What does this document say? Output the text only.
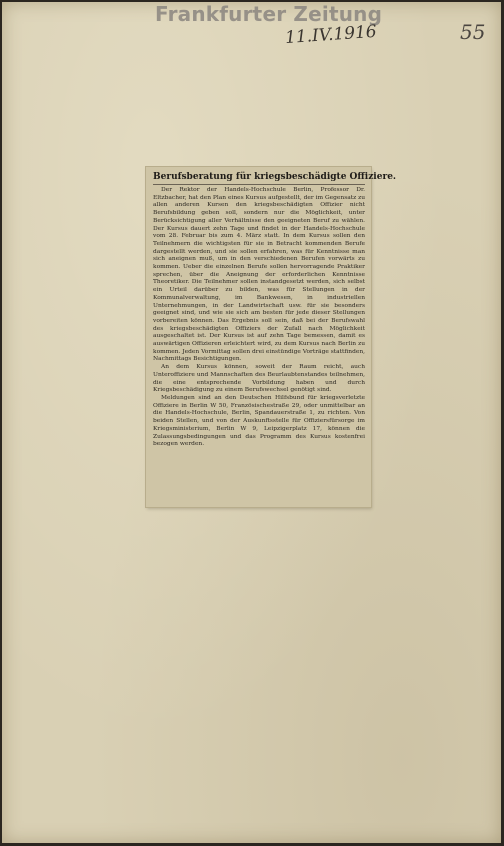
Frankfurter Zeitung
11.IV.1916	55
Berufsberatung für kriegsbeschädigte Offiziere.

Der Rektor der Handels-Hochschule Berlin, Professor Dr. Eltzbacher, hat den Plan eines Kursus aufgestellt, der im Gegensatz zu allen anderen Kursen den kriegsbeschädigten Offizier nicht Berufsbildung geben soll, sondern nur die Möglichkeit, unter Berücksichtigung aller Verhältnisse den geeigneten Beruf zu wählen. Der Kursus dauert zehn Tage und findet in der Handels-Hochschule vom 28. Februar bis zum 4. März statt. In dem Kursus sollen den Teilnehmern die wichtigsten für sie in Betracht kommenden Berufe dargestellt werden, und sie sollen erfahren, was für Kenntnisse man sich aneignen muß, um in den verschiedenen Berufen vorwärts zu kommen. Ueber die einzelnen Berufe sollen hervorragende Praktiker sprechen, über die Aneignung der erforderlichen Kenntnisse Theoretiker. Die Teilnehmer sollen instandgesetzt werden, sich selbst ein Urteil darüber zu bilden, was für Stellungen in der Kommunalverwaltung, im Bankwesen, in industriellen Unternehmungen, in der Landwirtschaft usw. für sie besonders geeignet sind, und wie sie sich am besten für jede dieser Stellungen vorbereiten können. Das Ergebnis soll sein, daß bei der Berufswahl des kriegsbeschädigten Offiziers der Zufall nach Möglichkeit ausgeschaltet ist. Der Kursus ist auf zehn Tage bemessen, damit es auswärtigen Offizieren erleichtert wird, zu dem Kursus nach Berlin zu kommen. Jeden Vormittag sollen drei einstündige Vorträge stattfinden, Nachmittags Besichtigungen.

An dem Kursus können, soweit der Raum reicht, auch Unteroffiziere und Mannschaften des Beurlaubtenstandes teilnehmen, die eine entsprechende Vorbildung haben und durch Kriegsbeschädigung zu einem Berufswechsel genötigt sind.

Meldungen sind an den Deutschen Hilfsbund für kriegsverletzte Offiziere in Berlin W 50, Französischestraße 29, oder unmittelbar an die Handels-Hochschule, Berlin, Spandauerstraße 1, zu richten. Von beiden Stellen, und von der Auskunftsstelle für Offiziersfürsorge im Kriegsministerium, Berlin W 9, Leipzigerplatz 17, können die Zulassungsbedingungen und das Programm des Kursus kostenfrei bezogen werden.
